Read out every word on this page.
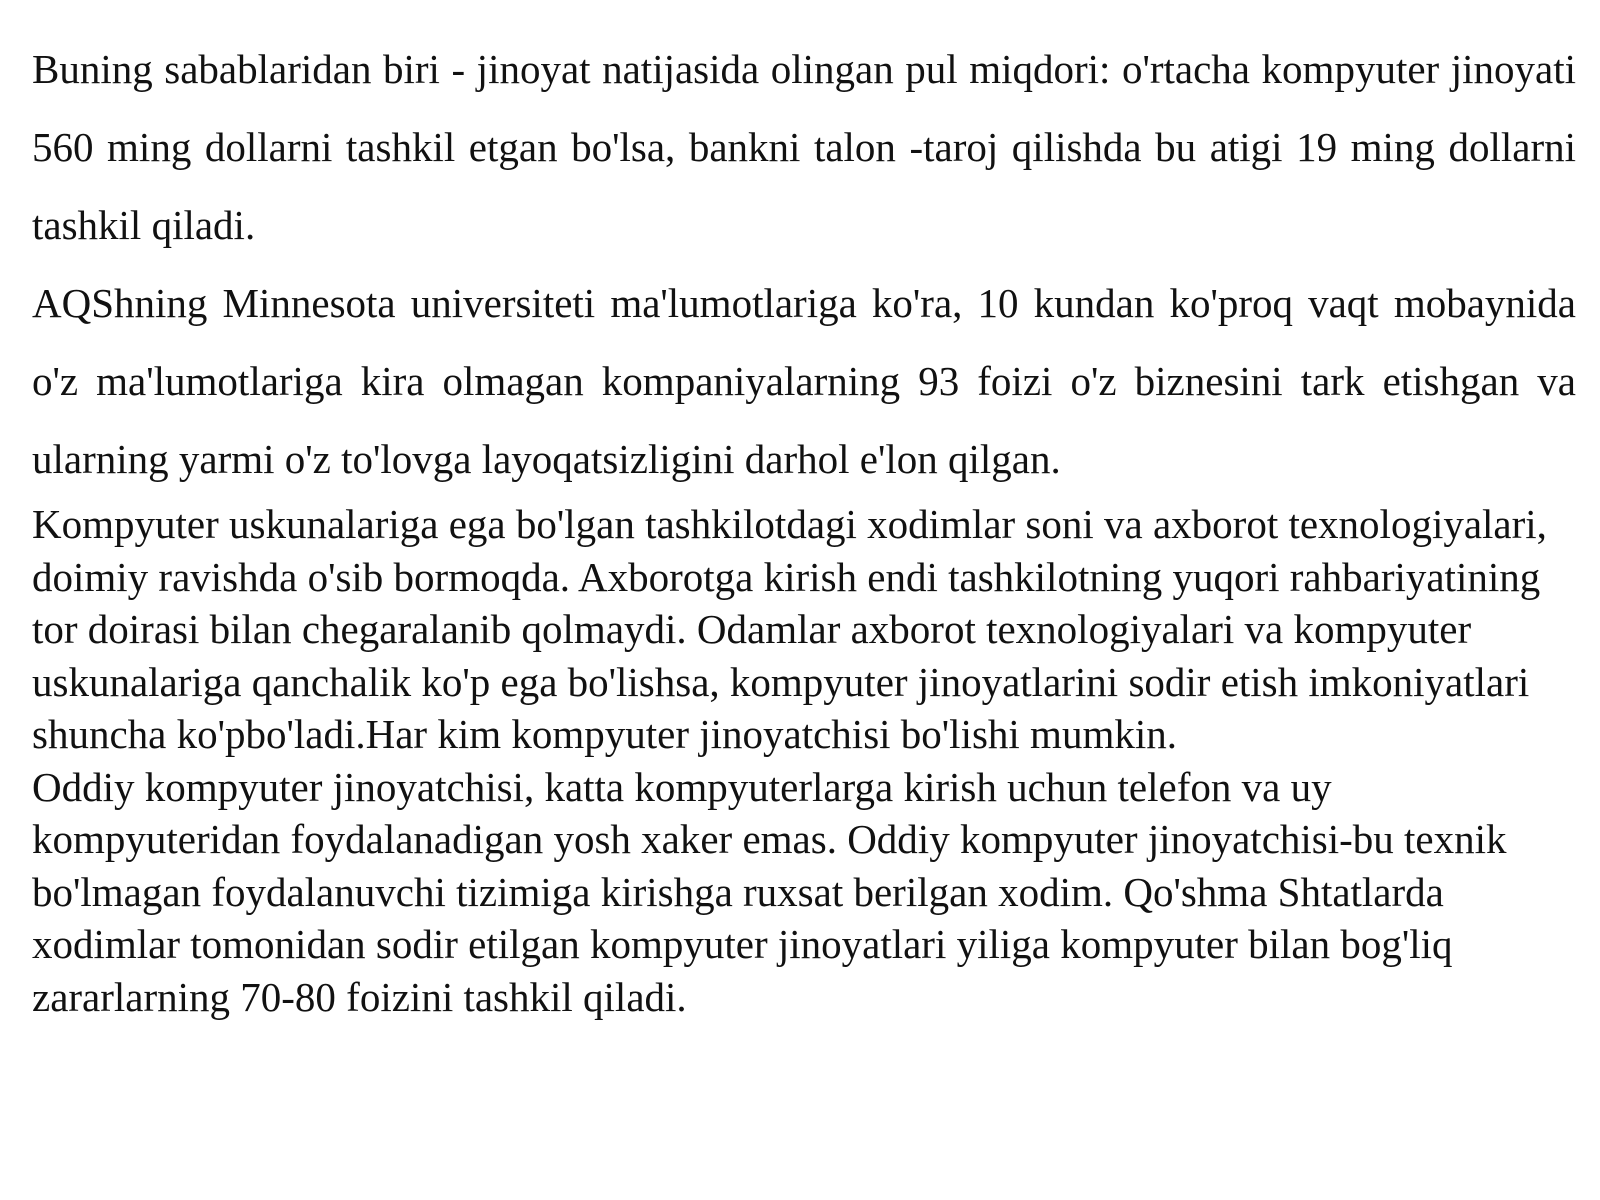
Buning sabablaridan biri - jinoyat natijasida olingan pul miqdori: o'rtacha kompyuter jinoyati 560 ming dollarni tashkil etgan bo'lsa, bankni talon -taroj qilishda bu atigi 19 ming dollarni tashkil qiladi.

AQShning Minnesota universiteti ma'lumotlariga ko'ra, 10 kundan ko'proq vaqt mobaynida o'z ma'lumotlariga kira olmagan kompaniyalarning 93 foizi o'z biznesini tark etishgan va ularning yarmi o'z to'lovga layoqatsizligini darhol e'lon qilgan.

Kompyuter uskunalariga ega bo'lgan tashkilotdagi xodimlar soni va axborot texnologiyalari, doimiy ravishda o'sib bormoqda. Axborotga kirish endi tashkilotning yuqori rahbariyatining tor doirasi bilan chegaralanib qolmaydi. Odamlar axborot texnologiyalari va kompyuter uskunalariga qanchalik ko'p ega bo'lishsa, kompyuter jinoyatlarini sodir etish imkoniyatlari shuncha ko'pbo'ladi.Har kim kompyuter jinoyatchisi bo'lishi mumkin.

Oddiy kompyuter jinoyatchisi, katta kompyuterlarga kirish uchun telefon va uy kompyuteridan foydalanadigan yosh xaker emas. Oddiy kompyuter jinoyatchisi-bu texnik bo'lmagan foydalanuvchi tizimiga kirishga ruxsat berilgan xodim. Qo'shma Shtatlarda xodimlar tomonidan sodir etilgan kompyuter jinoyatlari yiliga kompyuter bilan bog'liq zararlarning 70-80 foizini tashkil qiladi.
